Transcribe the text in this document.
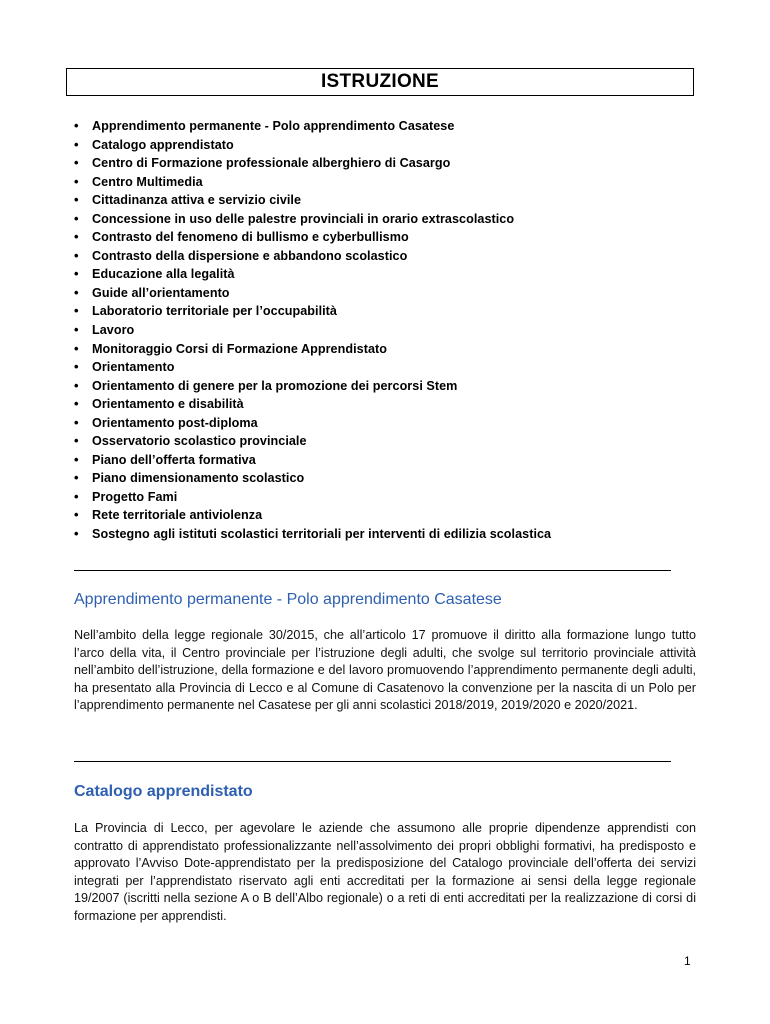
ISTRUZIONE
• Apprendimento permanente - Polo apprendimento Casatese
• Catalogo apprendistato
• Centro di Formazione professionale alberghiero di Casargo
• Centro Multimedia
• Cittadinanza attiva e servizio civile
• Concessione in uso delle palestre provinciali in orario extrascolastico
• Contrasto del fenomeno di bullismo e cyberbullismo
• Contrasto della dispersione e abbandono scolastico
• Educazione alla legalità
• Guide all’orientamento
• Laboratorio territoriale per l’occupabilità
• Lavoro
• Monitoraggio Corsi di Formazione Apprendistato
• Orientamento
• Orientamento di genere per la promozione dei percorsi Stem
• Orientamento e disabilità
• Orientamento post-diploma
• Osservatorio scolastico provinciale
• Piano dell’offerta formativa
• Piano dimensionamento scolastico
• Progetto Fami
• Rete territoriale antiviolenza
• Sostegno agli istituti scolastici territoriali per interventi di edilizia scolastica
Apprendimento permanente - Polo apprendimento Casatese

Nell’ambito della legge regionale 30/2015, che all’articolo 17 promuove il diritto alla formazione lungo tutto l’arco della vita, il Centro provinciale per l’istruzione degli adulti, che svolge sul territorio provinciale attività nell’ambito dell’istruzione, della formazione e del lavoro promuovendo l’apprendimento permanente degli adulti, ha presentato alla Provincia di Lecco e al Comune di Casatenovo la convenzione per la nascita di un Polo per l’apprendimento permanente nel Casatese per gli anni scolastici 2018/2019, 2019/2020 e 2020/2021.

Catalogo apprendistato

La Provincia di Lecco, per agevolare le aziende che assumono alle proprie dipendenze apprendisti con contratto di apprendistato professionalizzante nell’assolvimento dei propri obblighi formativi, ha predisposto e approvato l’Avviso Dote-apprendistato per la predisposizione del Catalogo provinciale dell’offerta dei servizi integrati per l’apprendistato riservato agli enti accreditati per la formazione ai sensi della legge regionale 19/2007 (iscritti nella sezione A o B dell’Albo regionale) o a reti di enti accreditati per la realizzazione di corsi di formazione per apprendisti.

1
